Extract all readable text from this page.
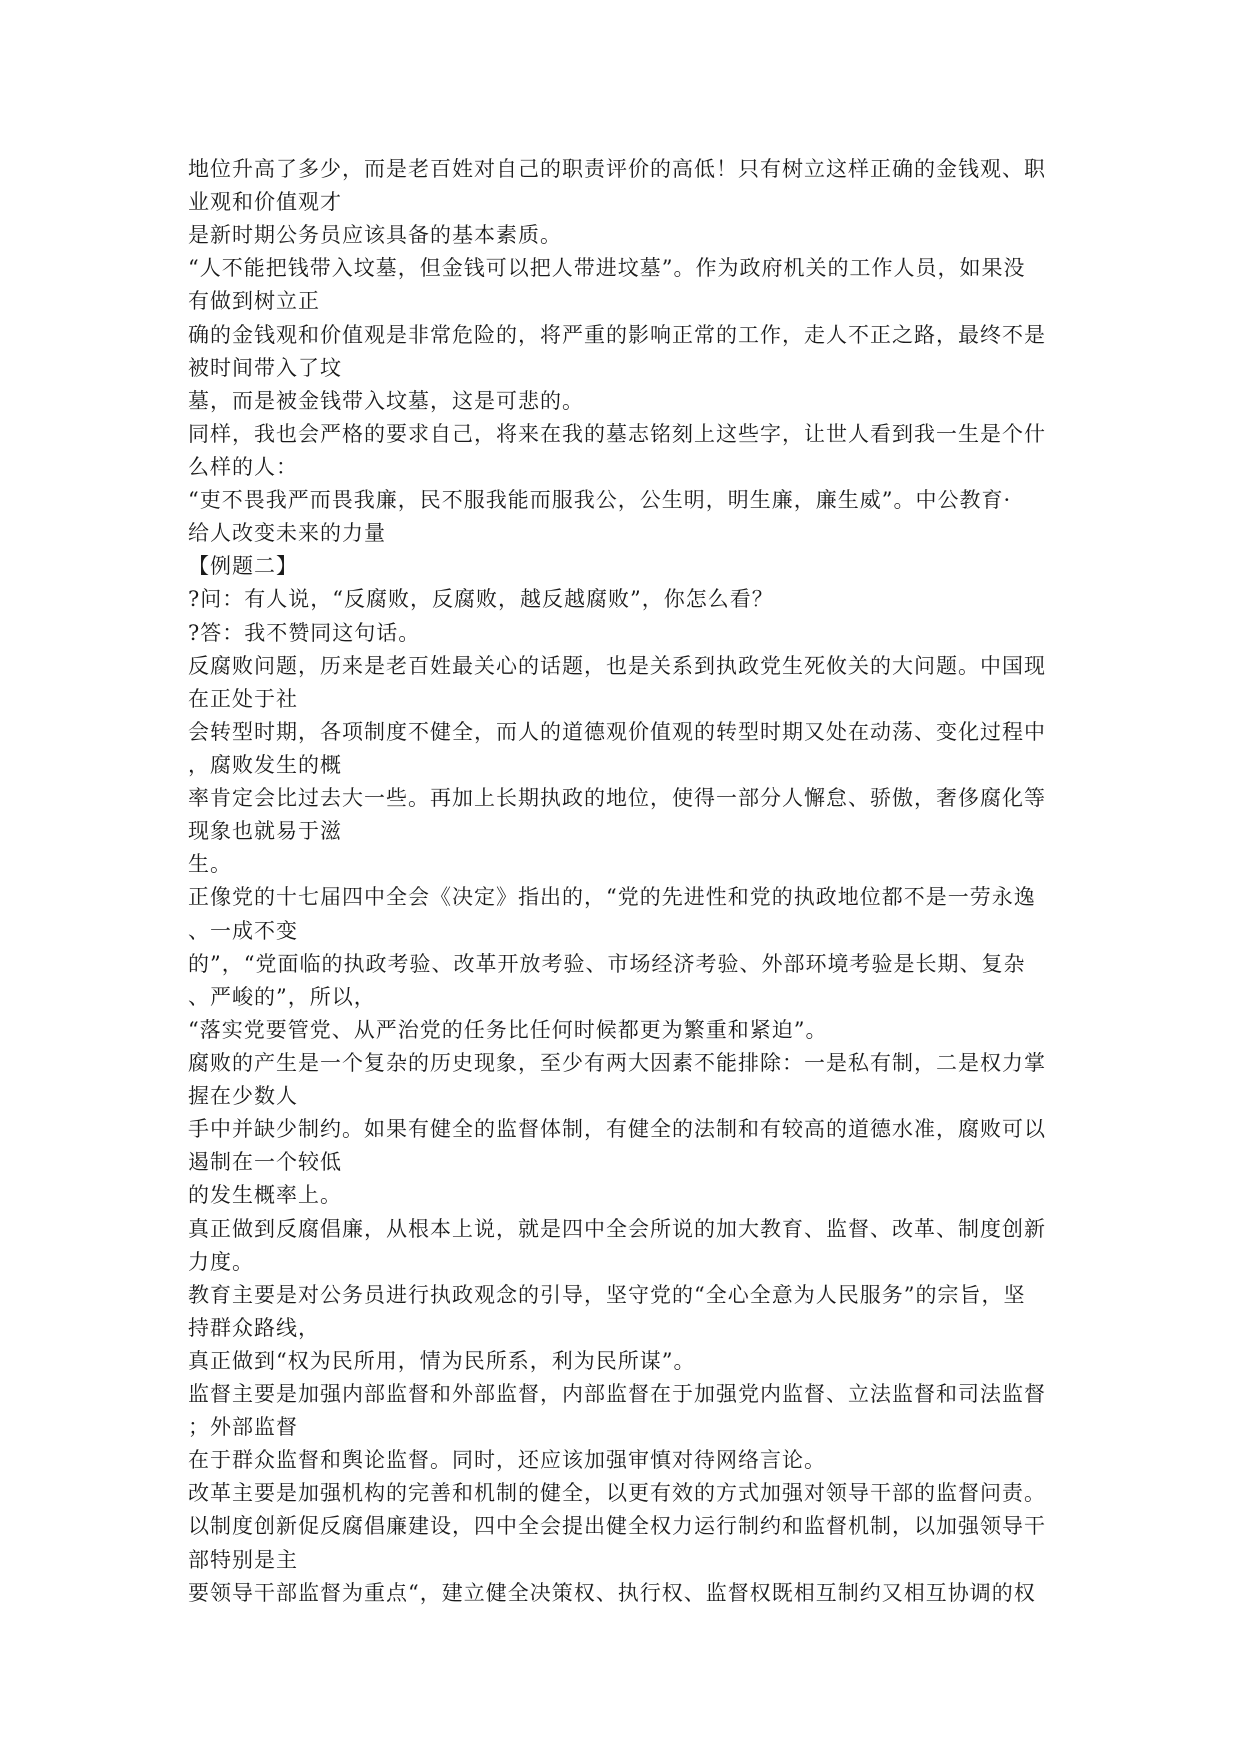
地位升高了多少，而是老百姓对自己的职责评价的高低！只有树立这样正确的金钱观、职
业观和价值观才
是新时期公务员应该具备的基本素质。
“人不能把钱带入坟墓，但金钱可以把人带进坟墓”。作为政府机关的工作人员，如果没
有做到树立正
确的金钱观和价值观是非常危险的，将严重的影响正常的工作，走人不正之路，最终不是
被时间带入了坟
墓，而是被金钱带入坟墓，这是可悲的。
同样，我也会严格的要求自己，将来在我的墓志铭刻上这些字，让世人看到我一生是个什
么样的人：
“吏不畏我严而畏我廉，民不服我能而服我公，公生明，明生廉，廉生威”。中公教育·
给人改变未来的力量
【例题二】
?问：有人说，“反腐败，反腐败，越反越腐败”，你怎么看？
?答：我不赞同这句话。
反腐败问题，历来是老百姓最关心的话题，也是关系到执政党生死攸关的大问题。中国现
在正处于社
会转型时期，各项制度不健全，而人的道德观价值观的转型时期又处在动荡、变化过程中
，腐败发生的概
率肯定会比过去大一些。再加上长期执政的地位，使得一部分人懈怠、骄傲，奢侈腐化等
现象也就易于滋
生。
正像党的十七届四中全会《决定》指出的，“党的先进性和党的执政地位都不是一劳永逸
、一成不变
的”，“党面临的执政考验、改革开放考验、市场经济考验、外部环境考验是长期、复杂
、严峻的”，所以，
“落实党要管党、从严治党的任务比任何时候都更为繁重和紧迫”。
腐败的产生是一个复杂的历史现象，至少有两大因素不能排除：一是私有制，二是权力掌
握在少数人
手中并缺少制约。如果有健全的监督体制，有健全的法制和有较高的道德水准，腐败可以
遏制在一个较低
的发生概率上。
真正做到反腐倡廉，从根本上说，就是四中全会所说的加大教育、监督、改革、制度创新
力度。
教育主要是对公务员进行执政观念的引导，坚守党的“全心全意为人民服务”的宗旨，坚
持群众路线，
真正做到“权为民所用，情为民所系，利为民所谋”。
监督主要是加强内部监督和外部监督，内部监督在于加强党内监督、立法监督和司法监督
；外部监督
在于群众监督和舆论监督。同时，还应该加强审慎对待网络言论。
改革主要是加强机构的完善和机制的健全，以更有效的方式加强对领导干部的监督问责。
以制度创新促反腐倡廉建设，四中全会提出健全权力运行制约和监督机制，以加强领导干
部特别是主
要领导干部监督为重点“，建立健全决策权、执行权、监督权既相互制约又相互协调的权
